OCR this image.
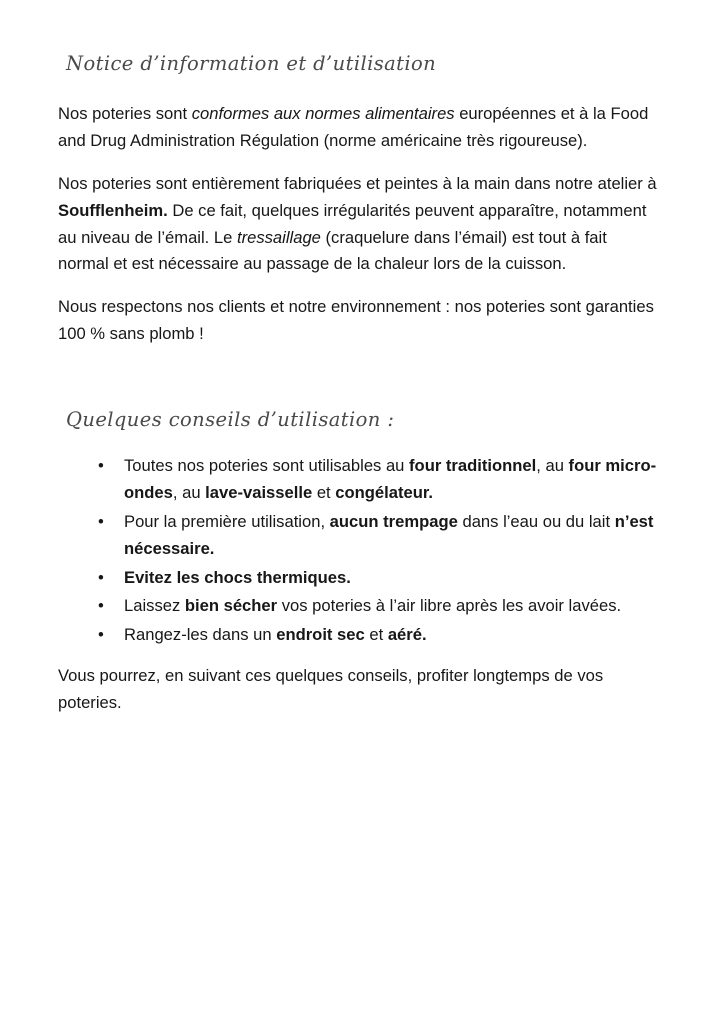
Notice d’information et d’utilisation

Nos poteries sont conformes aux normes alimentaires européennes et à la Food and Drug Administration Régulation (norme américaine très rigoureuse).

Nos poteries sont entièrement fabriquées et peintes à la main dans notre atelier à Soufflenheim. De ce fait, quelques irrégularités peuvent apparaître, notamment au niveau de l’émail. Le tressaillage (craquelure dans l’émail) est tout à fait normal et est nécessaire au passage de la chaleur lors de la cuisson.

Nous respectons nos clients et notre environnement : nos poteries sont garanties 100 % sans plomb !

Quelques conseils d’utilisation :
• Toutes nos poteries sont utilisables au four traditionnel, au four micro-ondes, au lave-vaisselle et congélateur.
• Pour la première utilisation, aucun trempage dans l’eau ou du lait n’est nécessaire.
• Evitez les chocs thermiques.
• Laissez bien sécher vos poteries à l’air libre après les avoir lavées.
• Rangez-les dans un endroit sec et aéré.

Vous pourrez, en suivant ces quelques conseils, profiter longtemps de vos poteries.
